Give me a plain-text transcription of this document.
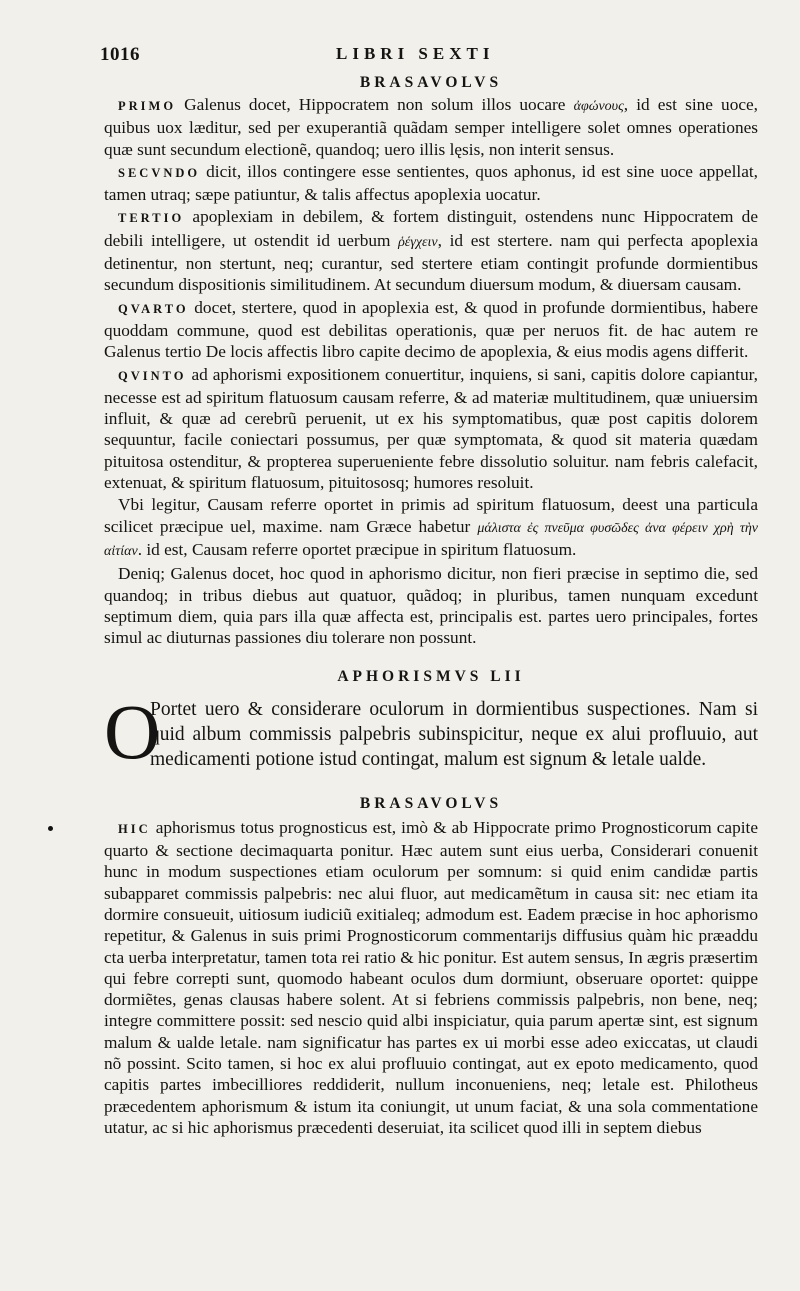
1016	LIBRI SEXTI
BRASAVOLVS

PRIMO Galenus docet, Hippocratem non solum illos uocare ἀφώνους, id est sine uoce, quibus uox læditur, sed per exuperantiã quãdam semper intelligere solet omnes operationes quæ sunt secundum electionẽ, quandoq; uero illis lęsis, non interit sensus.

SECVNDO dicit, illos contingere esse sentientes, quos aphonus, id est sine uoce appellat, tamen utraq; sæpe patiuntur, & talis affectus apoplexia uocatur.

TERTIO apoplexiam in debilem, & fortem distinguit, ostendens nunc Hippocratem de debili intelligere, ut ostendit id uerbum ῥέγχειν, id est stertere. nam qui perfecta apoplexia detinentur, non stertunt, neq; curantur, sed stertere etiam contingit profunde dormientibus secundum dispositionis similitudinem. At secundum diuersum modum, & diuersam causam.

QVARTO docet, stertere, quod in apoplexia est, & quod in profunde dormientibus, habere quoddam commune, quod est debilitas operationis, quæ per neruos fit. de hac autem re Galenus tertio De locis affectis libro capite decimo de apoplexia, & eius modis agens differit.

QVINTO ad aphorismi expositionem conuertitur, inquiens, si sani, capitis dolore capiantur, necesse est ad spiritum flatuosum causam referre, & ad materiæ multitudinem, quæ uniuersim influit, & quæ ad cerebrũ peruenit, ut ex his symptomatibus, quæ post capitis dolorem sequuntur, facile coniectari possumus, per quæ symptomata, & quod sit materia quædam pituitosa ostenditur, & propterea superueniente febre dissolutio soluitur. nam febris calefacit, extenuat, & spiritum flatuosum, pituitososq; humores resoluit.

Vbi legitur, Causam referre oportet in primis ad spiritum flatuosum, deest una particula scilicet præcipue uel, maxime. nam Græce habetur μάλιστα ἐς πνεῦμα φυσῶδες ἀνα φέρειν χρὴ τὴν αἰτίαν. id est, Causam referre oportet præcipue in spiritum flatuosum.

Deniq; Galenus docet, hoc quod in aphorismo dicitur, non fieri præcise in septimo die, sed quandoq; in tribus diebus aut quatuor, quãdoq; in pluribus, tamen nunquam excedunt septimum diem, quia pars illa quæ affecta est, principalis est. partes uero principales, fortes simul ac diuturnas passiones diu tolerare non possunt.

APHORISMVS LII
O
Portet uero & considerare oculorum in dormientibus suspectiones. Nam si quid album commissis palpebris subinspicitur, neque ex alui profluuio, aut medicamenti potione istud contingat, malum est signum & letale ualde.
BRASAVOLVS

HIC aphorismus totus prognosticus est, imò & ab Hippocrate primo Prognosticorum capite quarto & sectione decimaquarta ponitur. Hæc autem sunt eius uerba, Considerari conuenit hunc in modum suspectiones etiam oculorum per somnum: si quid enim candidæ partis subapparet commissis palpebris: nec alui fluor, aut medicamẽtum in causa sit: nec etiam ita dormire consueuit, uitiosum iudiciũ exitialeq; admodum est. Eadem præcise in hoc aphorismo repetitur, & Galenus in suis primi Prognosticorum commentarijs diffusius quàm hic præaddu cta uerba interpretatur, tamen tota rei ratio & hic ponitur. Est autem sensus, In ægris præsertim qui febre correpti sunt, quomodo habeant oculos dum dormiunt, obseruare oportet: quippe dormiẽtes, genas clausas habere solent. At si febriens commissis palpebris, non bene, neq; integre committere possit: sed nescio quid albi inspiciatur, quia parum apertæ sint, est signum malum & ualde letale. nam significatur has partes ex ui morbi esse adeo exiccatas, ut claudi nõ possint. Scito tamen, si hoc ex alui profluuio contingat, aut ex epoto medicamento, quod capitis partes imbecilliores reddiderit, nullum inconueniens, neq; letale est. Philotheus præcedentem aphorismum & istum ita coniungit, ut unum faciat, & una sola commentatione utatur, ac si hic aphorismus præcedenti deseruiat, ita scilicet quod illi in septem diebus
